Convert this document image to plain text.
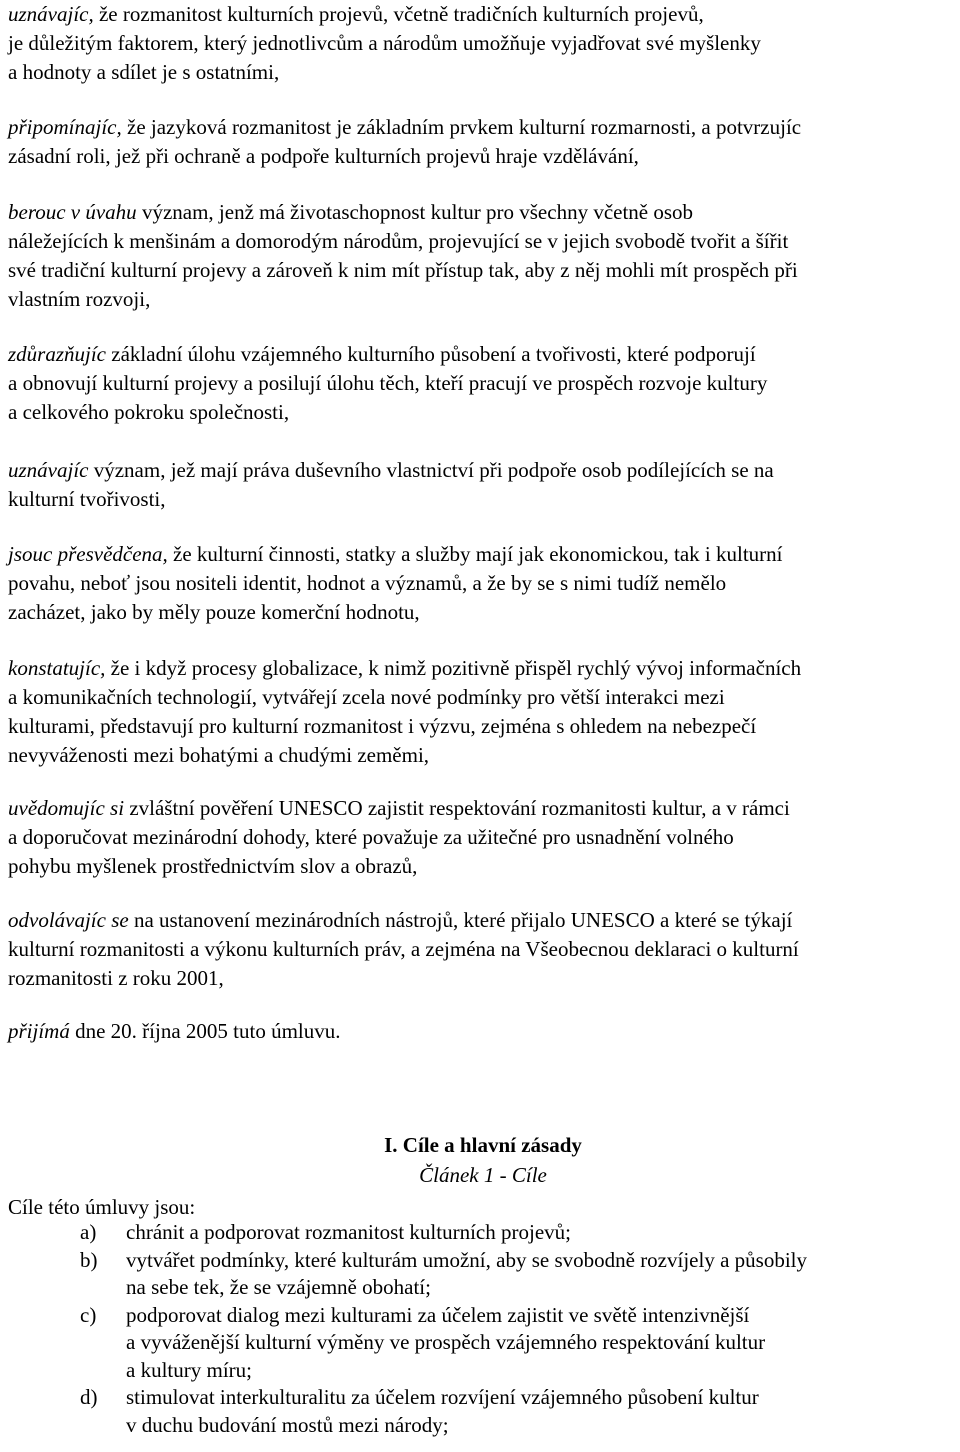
uznávajíc, že rozmanitost kulturních projevů, včetně tradičních kulturních projevů,
je důležitým faktorem, který jednotlivcům a národům umožňuje vyjadřovat své myšlenky
a hodnoty a sdílet je s ostatními,

připomínajíc, že jazyková rozmanitost je základním prvkem kulturní rozmarnosti, a potvrzujíc
zásadní roli, jež při ochraně a podpoře kulturních projevů hraje vzdělávání,

berouc v úvahu význam, jenž má životaschopnost kultur pro všechny včetně osob
náležejících k menšinám a domorodým národům, projevující se v jejich svobodě tvořit a šířit
své tradiční kulturní projevy a zároveň k nim mít přístup tak, aby z něj mohli mít prospěch při
vlastním rozvoji,

zdůrazňujíc základní úlohu vzájemného kulturního působení a tvořivosti, které podporují
a obnovují kulturní projevy a posilují úlohu těch, kteří pracují ve prospěch rozvoje kultury
a celkového pokroku společnosti,

uznávajíc význam, jež mají práva duševního vlastnictví při podpoře osob podílejících se na
kulturní tvořivosti,

jsouc přesvědčena, že kulturní činnosti, statky a služby mají jak ekonomickou, tak i kulturní
povahu, neboť jsou nositeli identit, hodnot a významů, a že by se s nimi tudíž nemělo
zacházet, jako by měly pouze komerční hodnotu,

konstatujíc, že i když procesy globalizace, k nimž pozitivně přispěl rychlý vývoj informačních
a komunikačních technologií, vytvářejí zcela nové podmínky pro větší interakci mezi
kulturami, představují pro kulturní rozmanitost i výzvu, zejména s ohledem na nebezpečí
nevyváženosti mezi bohatými a chudými zeměmi,

uvědomujíc si zvláštní pověření UNESCO zajistit respektování rozmanitosti kultur, a v rámci
a doporučovat mezinárodní dohody, které považuje za užitečné pro usnadnění volného
pohybu myšlenek prostřednictvím slov a obrazů,

odvolávajíc se na ustanovení mezinárodních nástrojů, které přijalo UNESCO a které se týkají
kulturní rozmanitosti a výkonu kulturních práv, a zejména na Všeobecnou deklaraci o kulturní
rozmanitosti z roku 2001,

přijímá dne 20. října 2005 tuto úmluvu.

I. Cíle a hlavní zásady
Článek 1 - Cíle
Cíle této úmluvy jsou:
a) chránit a podporovat rozmanitost kulturních projevů;
b) vytvářet podmínky, které kulturám umožní, aby se svobodně rozvíjely a působily
na sebe tek, že se vzájemně obohatí;
c) podporovat dialog mezi kulturami za účelem zajistit ve světě intenzivnější
a vyváženější kulturní výměny ve prospěch vzájemného respektování kultur
a kultury míru;
d) stimulovat interkulturalitu za účelem rozvíjení vzájemného působení kultur
v duchu budování mostů mezi národy;
